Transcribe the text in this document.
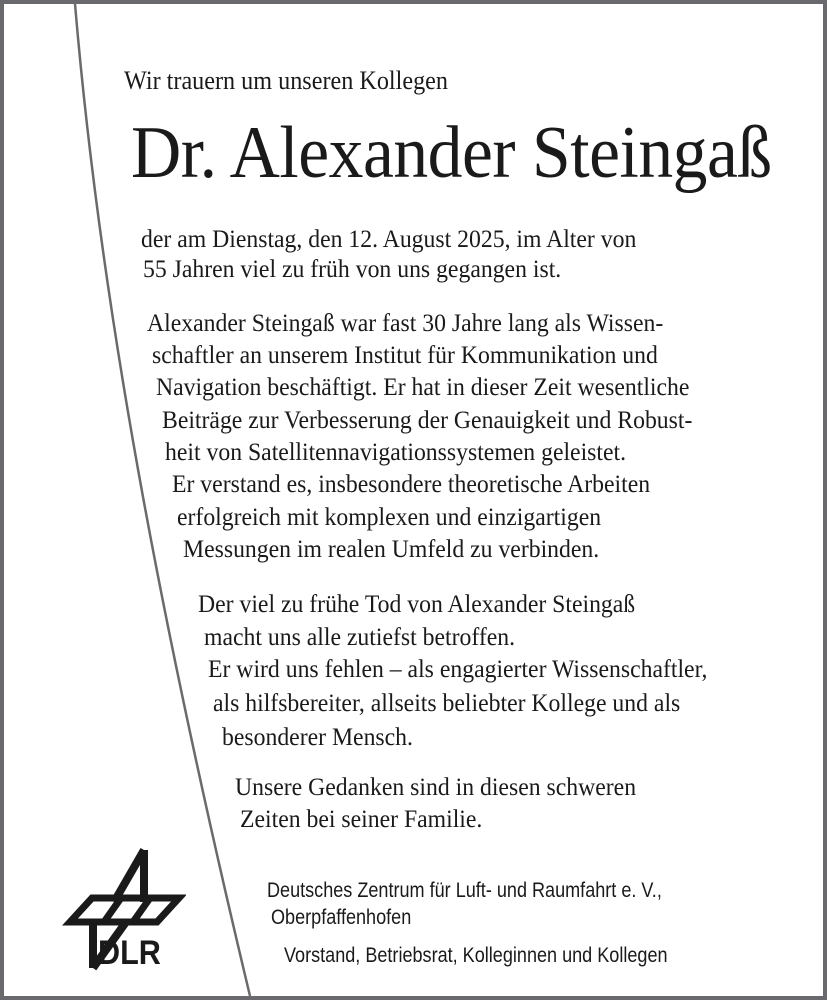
Wir trauern um unseren Kollegen
Dr. Alexander Steingaß
der am Dienstag, den 12. August 2025, im Alter von
55 Jahren viel zu früh von uns gegangen ist.
Alexander Steingaß war fast 30 Jahre lang als Wissen-
schaftler an unserem Institut für Kommunikation und
Navigation beschäftigt. Er hat in dieser Zeit wesentliche
Beiträge zur Verbesserung der Genauigkeit und Robust-
heit von Satellitennavigationssystemen geleistet.
Er verstand es, insbesondere theoretische Arbeiten
erfolgreich mit komplexen und einzigartigen
Messungen im realen Umfeld zu verbinden.
Der viel zu frühe Tod von Alexander Steingaß
macht uns alle zutiefst betroffen.
Er wird uns fehlen – als engagierter Wissenschaftler,
als hilfsbereiter, allseits beliebter Kollege und als
besonderer Mensch.
Unsere Gedanken sind in diesen schweren
Zeiten bei seiner Familie.
Deutsches Zentrum für Luft- und Raumfahrt e. V.,
Oberpfaffenhofen
Vorstand, Betriebsrat, Kolleginnen und Kollegen
DLR
